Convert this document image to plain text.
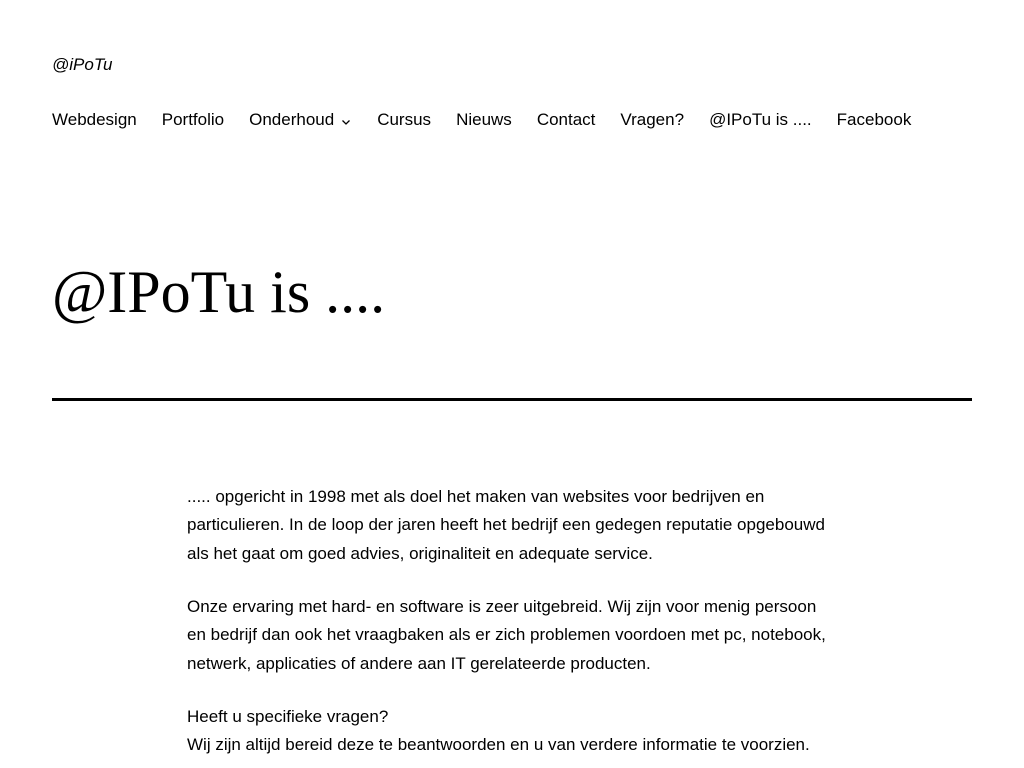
@iPoTu
Webdesign Portfolio Onderhoud	Cursus Nieuws Contact Vragen? @IPoTu is .... Facebook
@IPoTu is ....

..... opgericht in 1998 met als doel het maken van websites voor bedrijven en particulieren. In de loop der jaren heeft het bedrijf een gedegen reputatie opgebouwd als het gaat om goed advies, originaliteit en adequate service.

Onze ervaring met hard- en software is zeer uitgebreid. Wij zijn voor menig persoon en bedrijf dan ook het vraagbaken als er zich problemen voordoen met pc, notebook, netwerk, applicaties of andere aan IT gerelateerde producten.

Heeft u specifieke vragen?
Wij zijn altijd bereid deze te beantwoorden en u van verdere informatie te voorzien.
